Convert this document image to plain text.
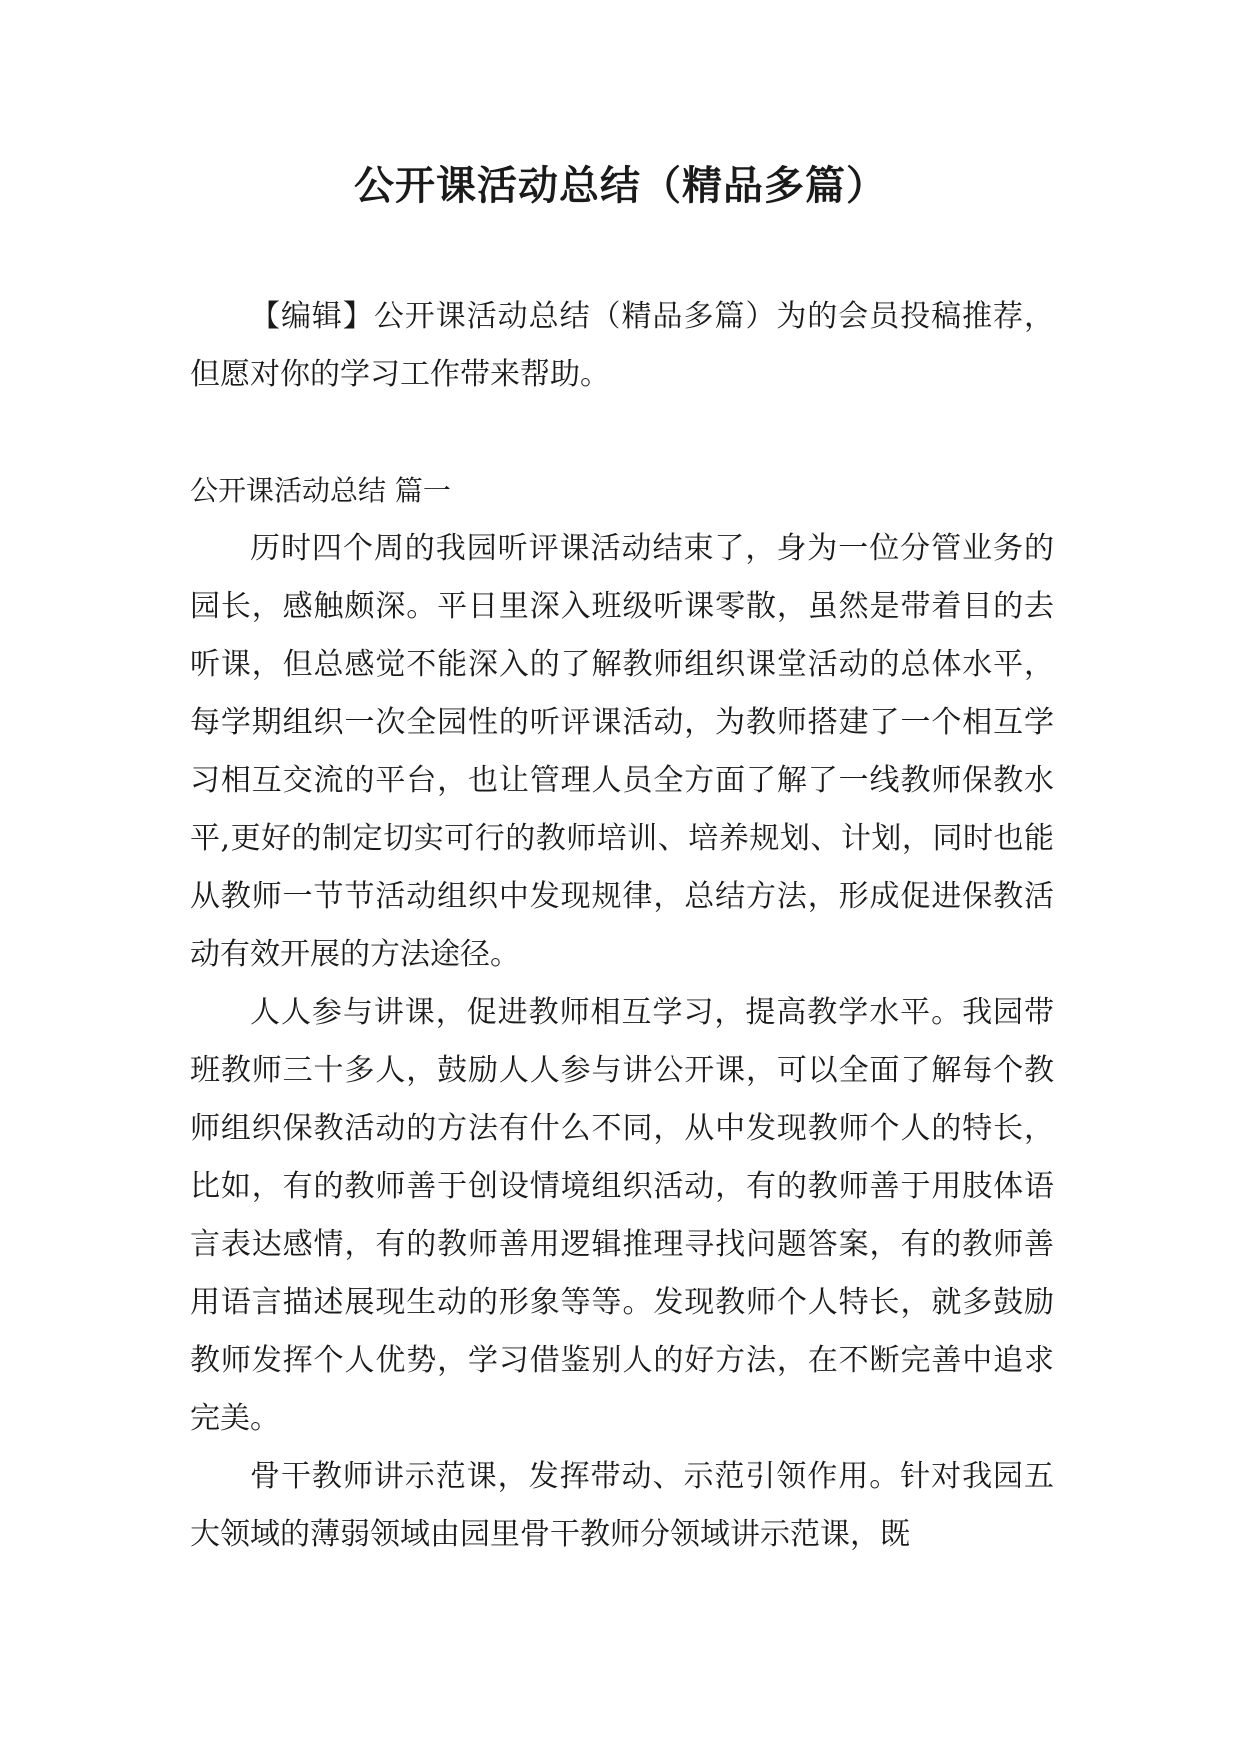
公开课活动总结（精品多篇）

【编辑】公开课活动总结（精品多篇）为的会员投稿推荐，但愿对你的学习工作带来帮助。

公开课活动总结 篇一

历时四个周的我园听评课活动结束了，身为一位分管业务的园长，感触颇深。平日里深入班级听课零散，虽然是带着目的去听课，但总感觉不能深入的了解教师组织课堂活动的总体水平，每学期组织一次全园性的听评课活动，为教师搭建了一个相互学习相互交流的平台，也让管理人员全方面了解了一线教师保教水平,更好的制定切实可行的教师培训、培养规划、计划，同时也能从教师一节节活动组织中发现规律，总结方法，形成促进保教活动有效开展的方法途径。

人人参与讲课，促进教师相互学习，提高教学水平。我园带班教师三十多人，鼓励人人参与讲公开课，可以全面了解每个教师组织保教活动的方法有什么不同，从中发现教师个人的特长，比如，有的教师善于创设情境组织活动，有的教师善于用肢体语言表达感情，有的教师善用逻辑推理寻找问题答案，有的教师善用语言描述展现生动的形象等等。发现教师个人特长，就多鼓励教师发挥个人优势，学习借鉴别人的好方法，在不断完善中追求完美。

骨干教师讲示范课，发挥带动、示范引领作用。针对我园五大领域的薄弱领域由园里骨干教师分领域讲示范课，既
